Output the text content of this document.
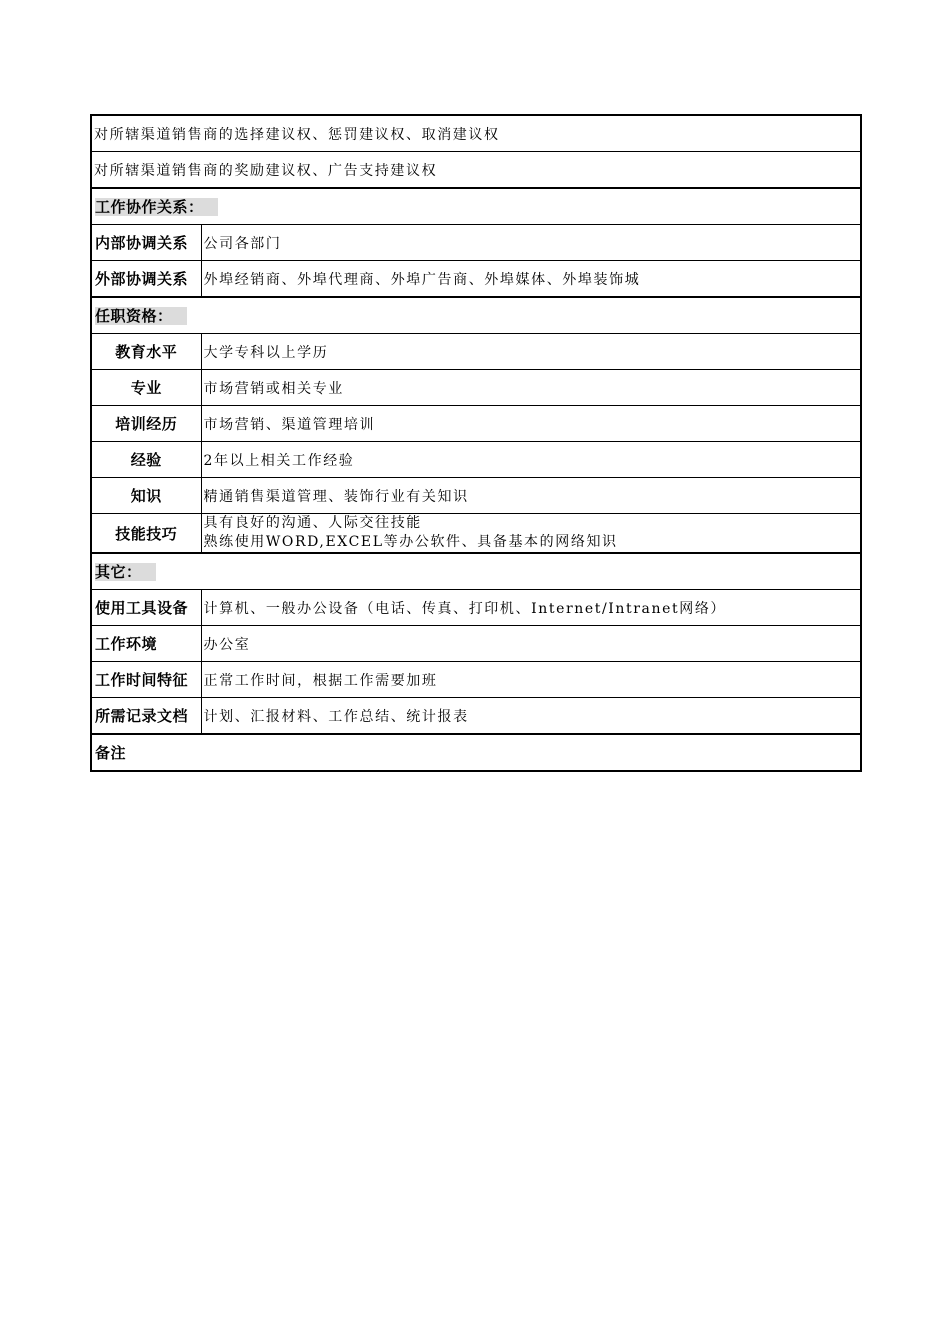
对所辖渠道销售商的选择建议权、惩罚建议权、取消建议权	
对所辖渠道销售商的奖励建议权、广告支持建议权	
工作协作关系：	
内部协调关系	公司各部门
外部协调关系	外埠经销商、外埠代理商、外埠广告商、外埠媒体、外埠装饰城
任职资格：	
教育水平	大学专科以上学历
专业	市场营销或相关专业
培训经历	市场营销、渠道管理培训
经验	2年以上相关工作经验
知识	精通销售渠道管理、装饰行业有关知识
技能技巧	具有良好的沟通、人际交往技能
熟练使用WORD,EXCEL等办公软件、具备基本的网络知识

其它：	
使用工具设备	计算机、一般办公设备（电话、传真、打印机、Internet/Intranet网络）
工作环境	办公室
工作时间特征	正常工作时间，根据工作需要加班
所需记录文档	计划、汇报材料、工作总结、统计报表
备注	
